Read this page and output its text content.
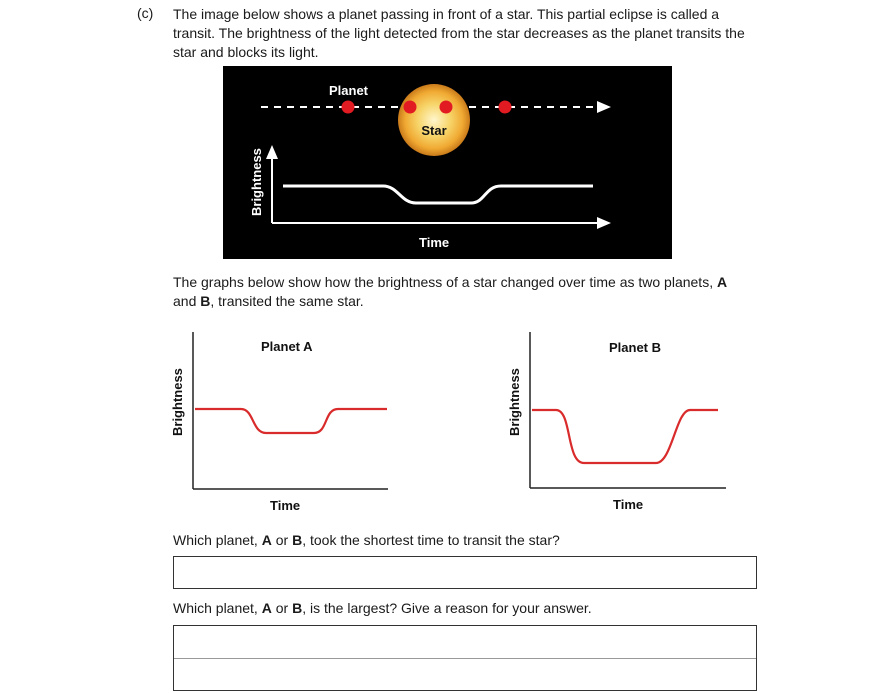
(c) The image below shows a planet passing in front of a star. This partial eclipse is called a transit. The brightness of the light detected from the star decreases as the planet transits the star and blocks its light.
Star
Planet
Brightness
Time
The graphs below show how the brightness of a star changed over time as two planets, A and B, transited the same star.
Planet A
Brightness
Time
Planet B
Brightness
Time
Which planet, A or B, took the shortest time to transit the star?
Which planet, A or B, is the largest? Give a reason for your answer.
